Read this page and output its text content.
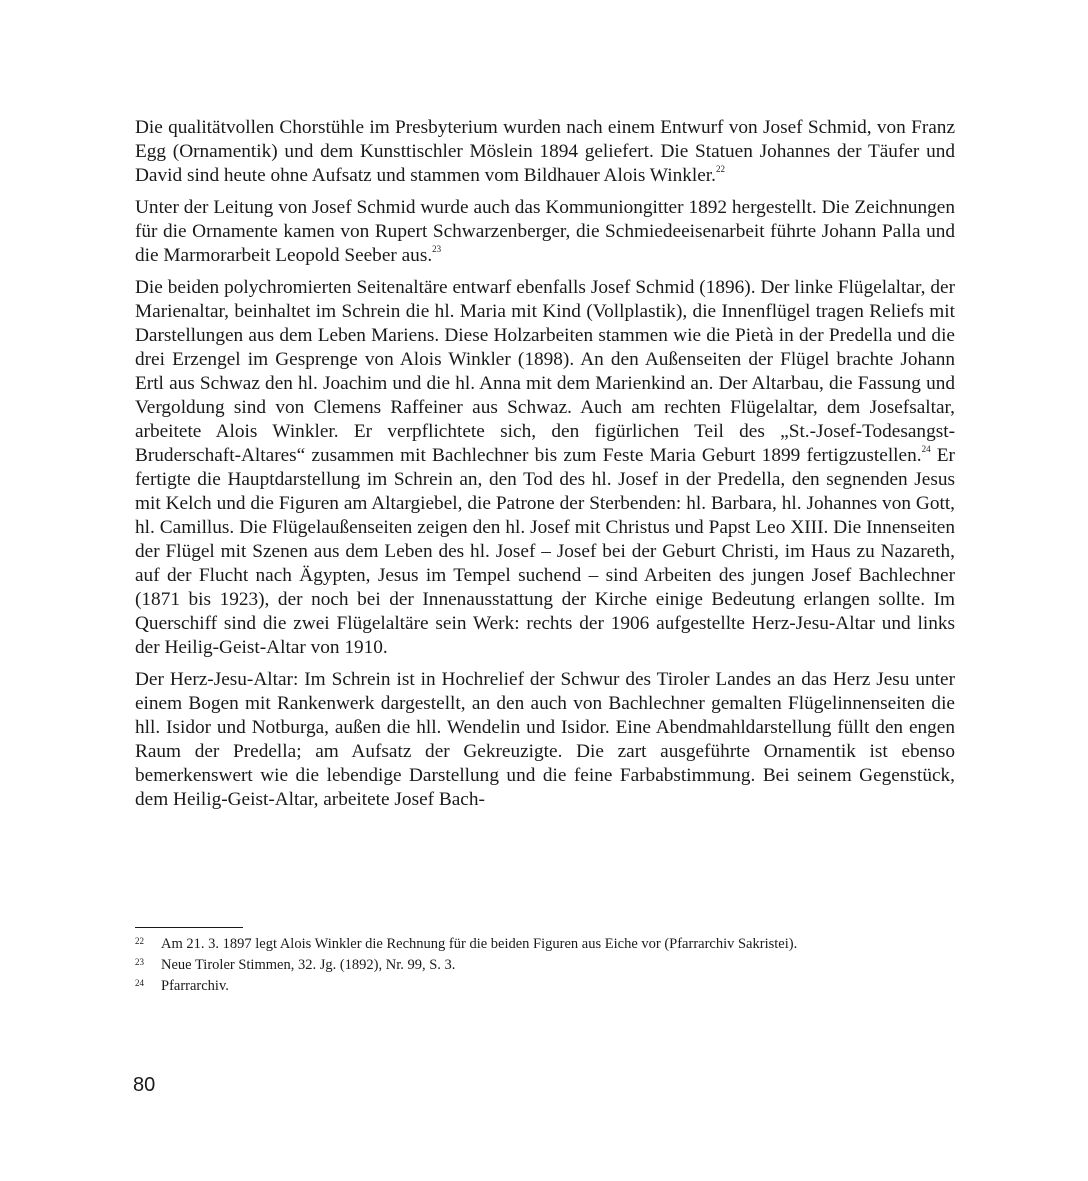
Die qualitätvollen Chorstühle im Presbyterium wurden nach einem Entwurf von Josef Schmid, von Franz Egg (Ornamentik) und dem Kunsttischler Möslein 1894 geliefert. Die Statuen Johannes der Täufer und David sind heute ohne Aufsatz und stammen vom Bildhauer Alois Winkler.$^{22}$

Unter der Leitung von Josef Schmid wurde auch das Kommuniongitter 1892 hergestellt. Die Zeichnungen für die Ornamente kamen von Rupert Schwarzenberger, die Schmiedeeisenarbeit führte Johann Palla und die Marmorarbeit Leopold Seeber aus.$^{23}$

Die beiden polychromierten Seitenaltäre entwarf ebenfalls Josef Schmid (1896). Der linke Flügelaltar, der Marienaltar, beinhaltet im Schrein die hl. Maria mit Kind (Vollplastik), die Innenflügel tragen Reliefs mit Darstellungen aus dem Leben Mariens. Diese Holzarbeiten stammen wie die Pietà in der Predella und die drei Erzengel im Gesprenge von Alois Winkler (1898). An den Außenseiten der Flügel brachte Johann Ertl aus Schwaz den hl. Joachim und die hl. Anna mit dem Marienkind an. Der Altarbau, die Fassung und Vergoldung sind von Clemens Raffeiner aus Schwaz. Auch am rechten Flügelaltar, dem Josefsaltar, arbeitete Alois Winkler. Er verpflichtete sich, den figürlichen Teil des „St.-Josef-Todesangst-Bruderschaft-Altares“ zusammen mit Bachlechner bis zum Feste Maria Geburt 1899 fertigzustellen.$^{24}$ Er fertigte die Hauptdarstellung im Schrein an, den Tod des hl. Josef in der Predella, den segnenden Jesus mit Kelch und die Figuren am Altargiebel, die Patrone der Sterbenden: hl. Barbara, hl. Johannes von Gott, hl. Camillus. Die Flügelaußenseiten zeigen den hl. Josef mit Christus und Papst Leo XIII. Die Innenseiten der Flügel mit Szenen aus dem Leben des hl. Josef – Josef bei der Geburt Christi, im Haus zu Nazareth, auf der Flucht nach Ägypten, Jesus im Tempel suchend – sind Arbeiten des jungen Josef Bachlechner (1871 bis 1923), der noch bei der Innenausstattung der Kirche einige Bedeutung erlangen sollte. Im Querschiff sind die zwei Flügelaltäre sein Werk: rechts der 1906 aufgestellte Herz-Jesu-Altar und links der Heilig-Geist-Altar von 1910.

Der Herz-Jesu-Altar: Im Schrein ist in Hochrelief der Schwur des Tiroler Landes an das Herz Jesu unter einem Bogen mit Rankenwerk dargestellt, an den auch von Bachlechner gemalten Flügelinnenseiten die hll. Isidor und Notburga, außen die hll. Wendelin und Isidor. Eine Abendmahldarstellung füllt den engen Raum der Predella; am Aufsatz der Gekreuzigte. Die zart ausgeführte Ornamentik ist ebenso bemerkenswert wie die lebendige Darstellung und die feine Farbabstimmung. Bei seinem Gegenstück, dem Heilig-Geist-Altar, arbeitete Josef Bach-

22	Am 21. 3. 1897 legt Alois Winkler die Rechnung für die beiden Figuren aus Eiche vor (Pfarrarchiv Sakristei).
23	Neue Tiroler Stimmen, 32. Jg. (1892), Nr. 99, S. 3.
24	Pfarrarchiv.
80
